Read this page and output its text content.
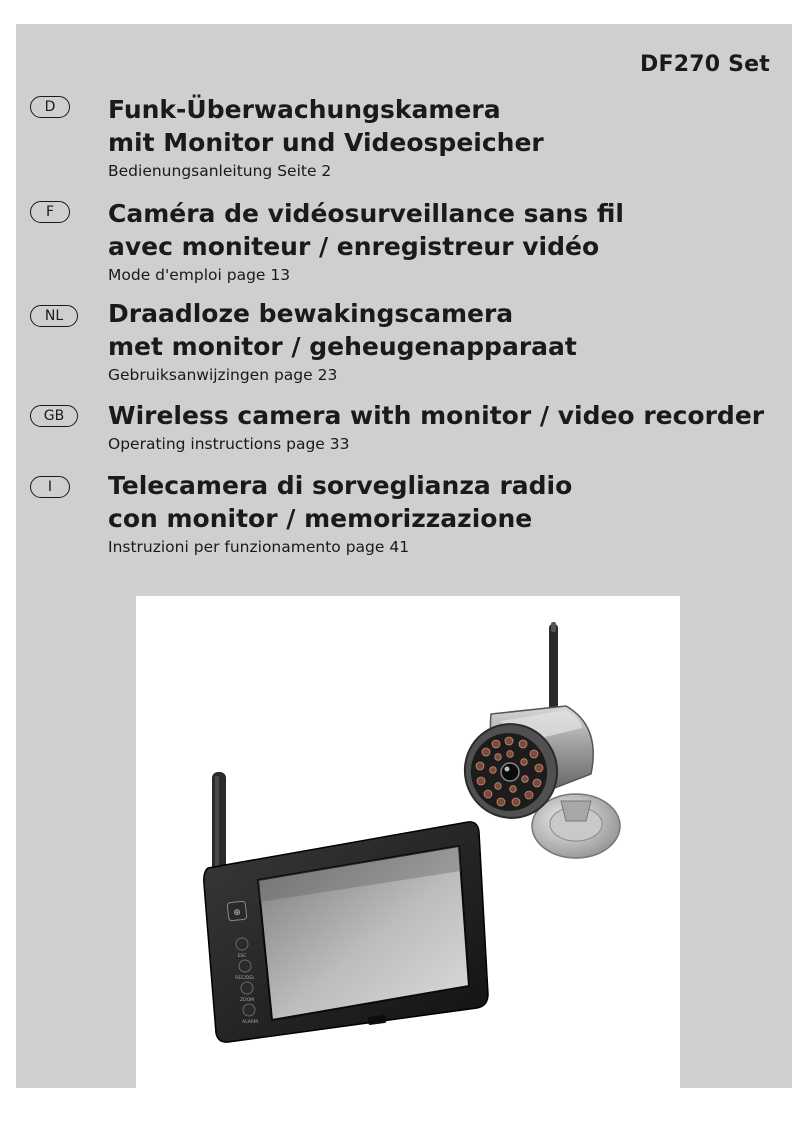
DF270 Set
D	Funk-Überwachungskamera
mit Monitor und Videospeicher
Bedienungsanleitung Seite 2
F	Caméra de vidéosurveillance sans fil
avec moniteur / enregistreur vidéo
Mode d'emploi page 13
NL	Draadloze bewakingscamera
met monitor / geheugenapparaat
Gebruiksanwijzingen page 23
GB	Wireless camera with monitor / video recorder
Operating instructions page 33
I	Telecamera di sorveglianza radio
con monitor / memorizzazione
Instruzioni per funzionamento page 41
⊕
ESC
REC/DEL
ZOOM
ALARM
